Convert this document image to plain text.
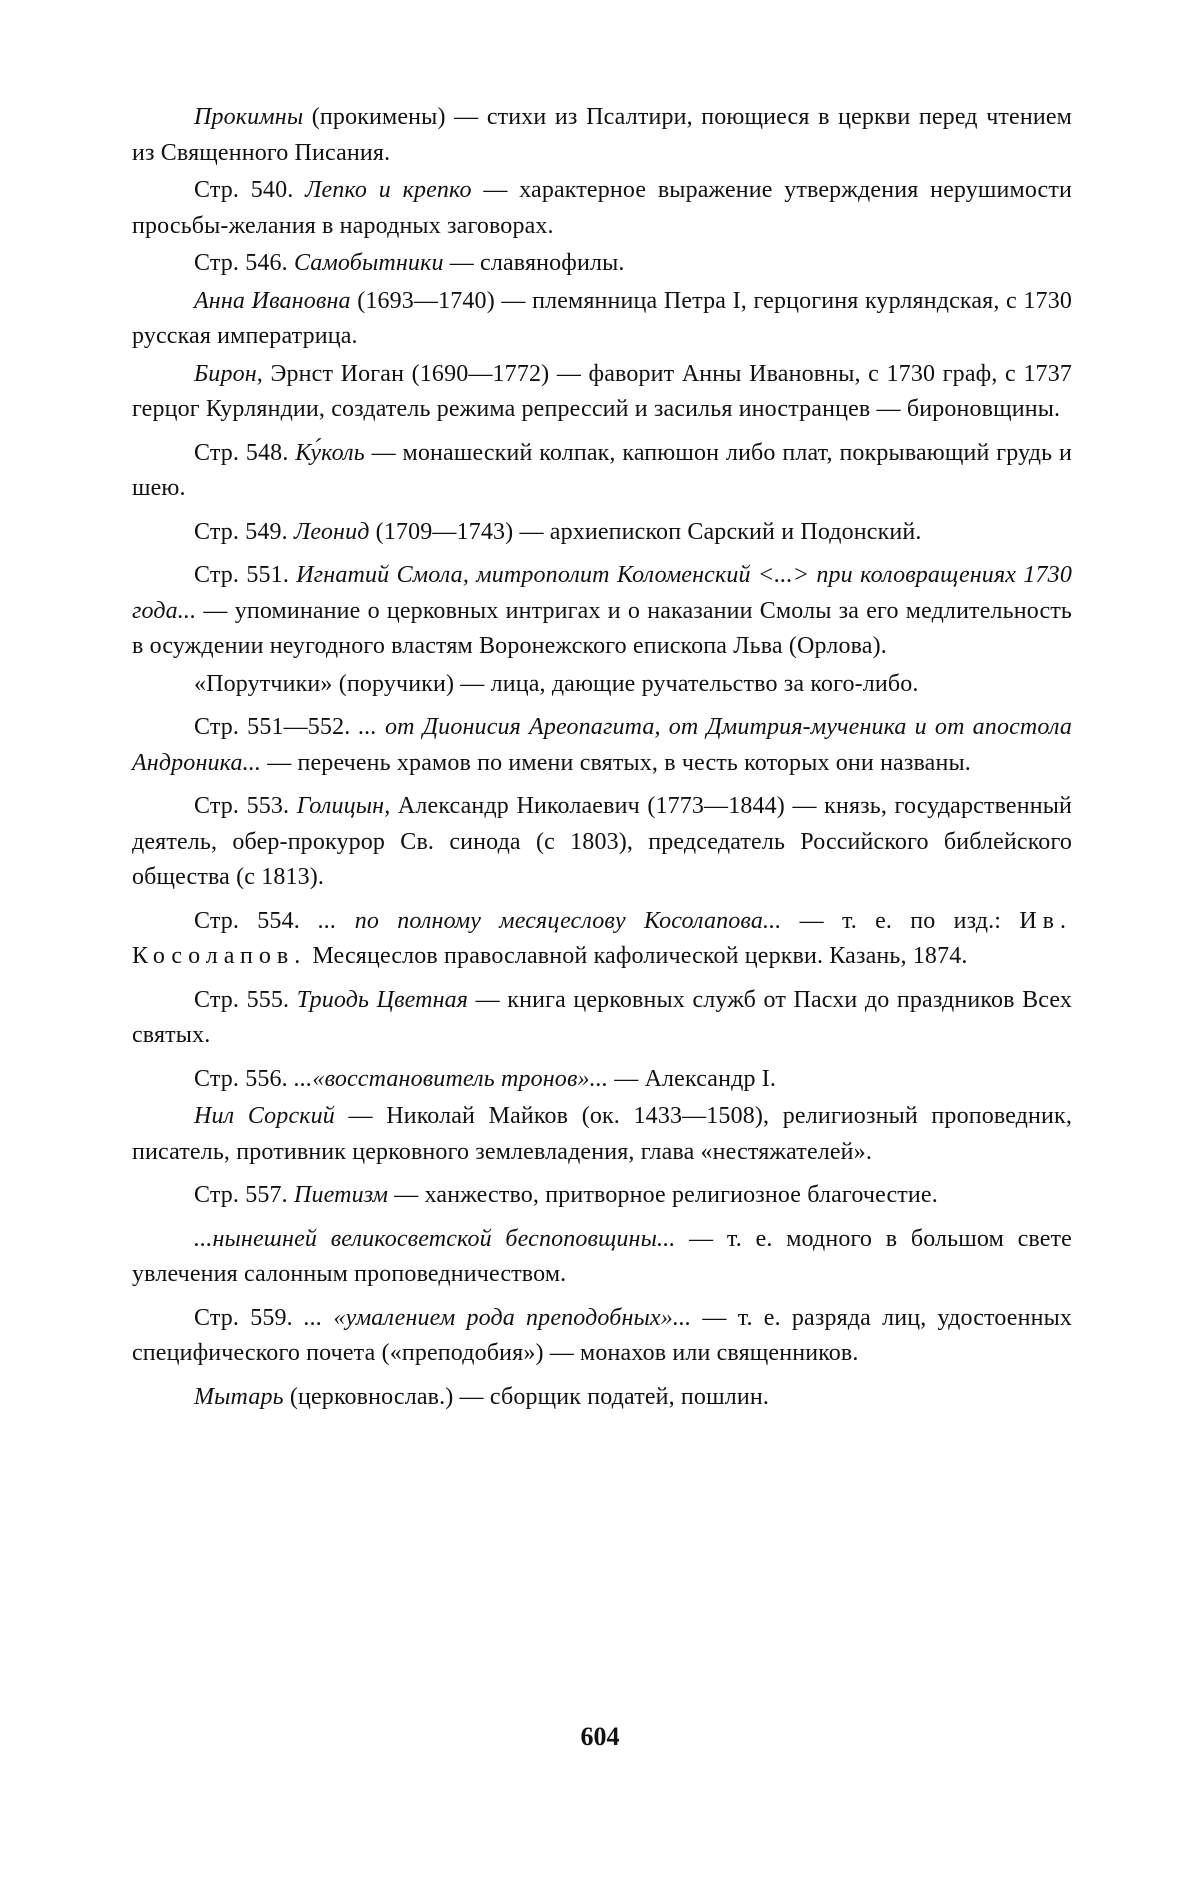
Прокимны (прокимены) — стихи из Псалтири, поющиеся в церкви перед чтением из Священного Писания.

Стр. 540. Лепко и крепко — характерное выражение утверждения нерушимости просьбы-желания в народных заговорах.

Стр. 546. Самобытники — славянофилы.

Анна Ивановна (1693—1740) — племянница Петра I, герцогиня курляндская, с 1730 русская императрица.

Бирон, Эрнст Иоган (1690—1772) — фаворит Анны Ивановны, с 1730 граф, с 1737 герцог Курляндии, создатель режима репрессий и засилья иностранцев — бироновщины.

Стр. 548. Ку́коль — монашеский колпак, капюшон либо плат, покрывающий грудь и шею.

Стр. 549. Леонид (1709—1743) — архиепископ Сарский и Подонский.

Стр. 551. Игнатий Смола, митрополит Коломенский <...> при коловращениях 1730 года... — упоминание о церковных интригах и о наказании Смолы за его медлительность в осуждении неугодного властям Воронежского епископа Льва (Орлова).

«Порутчики» (поручики) — лица, дающие ручательство за кого-либо.

Стр. 551—552. ... от Дионисия Ареопагита, от Дмитрия-мученика и от апостола Андроника... — перечень храмов по имени святых, в честь которых они названы.

Стр. 553. Голицын, Александр Николаевич (1773—1844) — князь, государственный деятель, обер-прокурор Св. синода (с 1803), председатель Российского библейского общества (с 1813).

Стр. 554. ... по полному месяцеслову Косолапова... — т. е. по изд.: Ив. Косолапов. Месяцеслов православной кафолической церкви. Казань, 1874.

Стр. 555. Триодь Цветная — книга церковных служб от Пасхи до праздников Всех святых.

Стр. 556. ...«восстановитель тронов»... — Александр I.

Нил Сорский — Николай Майков (ок. 1433—1508), религиозный проповедник, писатель, противник церковного землевладения, глава «нестяжателей».

Стр. 557. Пиетизм — ханжество, притворное религиозное благочестие.

...нынешней великосветской беспоповщины... — т. е. модного в большом свете увлечения салонным проповедничеством.

Стр. 559. ... «умалением рода преподобных»... — т. е. разряда лиц, удостоенных специфического почета («преподобия») — монахов или священников.

Мытарь (церковнослав.) — сборщик податей, пошлин.

604
